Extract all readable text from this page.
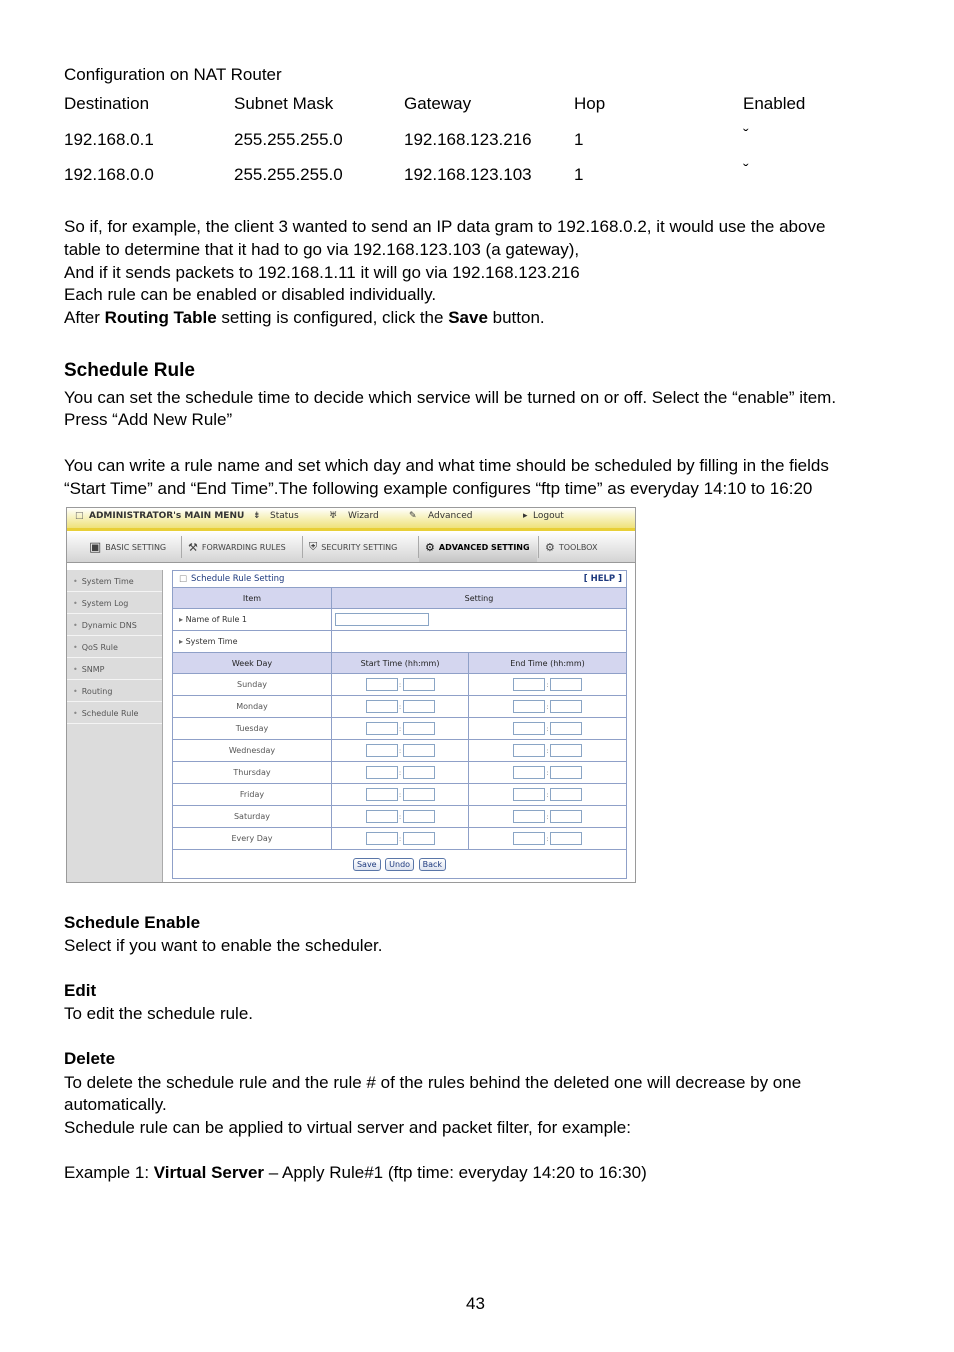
Configuration on NAT Router
Destination	Subnet Mask	Gateway	Hop	Enabled
192.168.0.1	255.255.255.0	192.168.123.216 1	ˇ
192.168.0.0	255.255.255.0	192.168.123.103 1	ˇ
So if, for example, the client 3 wanted to send an IP data gram to 192.168.0.2, it would use the above
table to determine that it had to go via 192.168.123.103 (a gateway),
And if it sends packets to 192.168.1.11 it will go via 192.168.123.216
Each rule can be enabled or disabled individually.
After Routing Table setting is configured, click the Save button.
Schedule Rule
You can set the schedule time to decide which service will be turned on or off. Select the “enable” item.
Press “Add New Rule”
You can write a rule name and set which day and what time should be scheduled by filling in the fields
“Start Time” and “End Time”.The following example configures “ftp time” as everyday 14:10 to 16:20
□ ADMINISTRATOR's MAIN MENU ⇟ Status	♅ Wizard	✎ Advanced	▸ Logout
▣ BASIC SETTING ⚒ FORWARDING RULES ⛨ SECURITY SETTING	⚙ ADVANCED SETTING ⚙ TOOLBOX
• System Time
• System Log
• Dynamic DNS
• QoS Rule
• SNMP
• Routing
• Schedule Rule
□ Schedule Rule Setting	[ HELP ]
Item	Setting	
▸ Name of Rule 1		
▸ System Time		
Week Day	Start Time (hh:mm)	End Time (hh:mm)
Sunday	:	:
Monday	:	:
Tuesday	:	:
Wednesday	:	:
Thursday	:	:
Friday	:	:
Saturday	:	:
Every Day	:	:
Save Undo Back		
Schedule Enable
Select if you want to enable the scheduler.
Edit
To edit the schedule rule.
Delete
To delete the schedule rule and the rule # of the rules behind the deleted one will decrease by one
automatically.
Schedule rule can be applied to virtual server and packet filter, for example:
Example 1: Virtual Server – Apply Rule#1 (ftp time: everyday 14:20 to 16:30)
43
